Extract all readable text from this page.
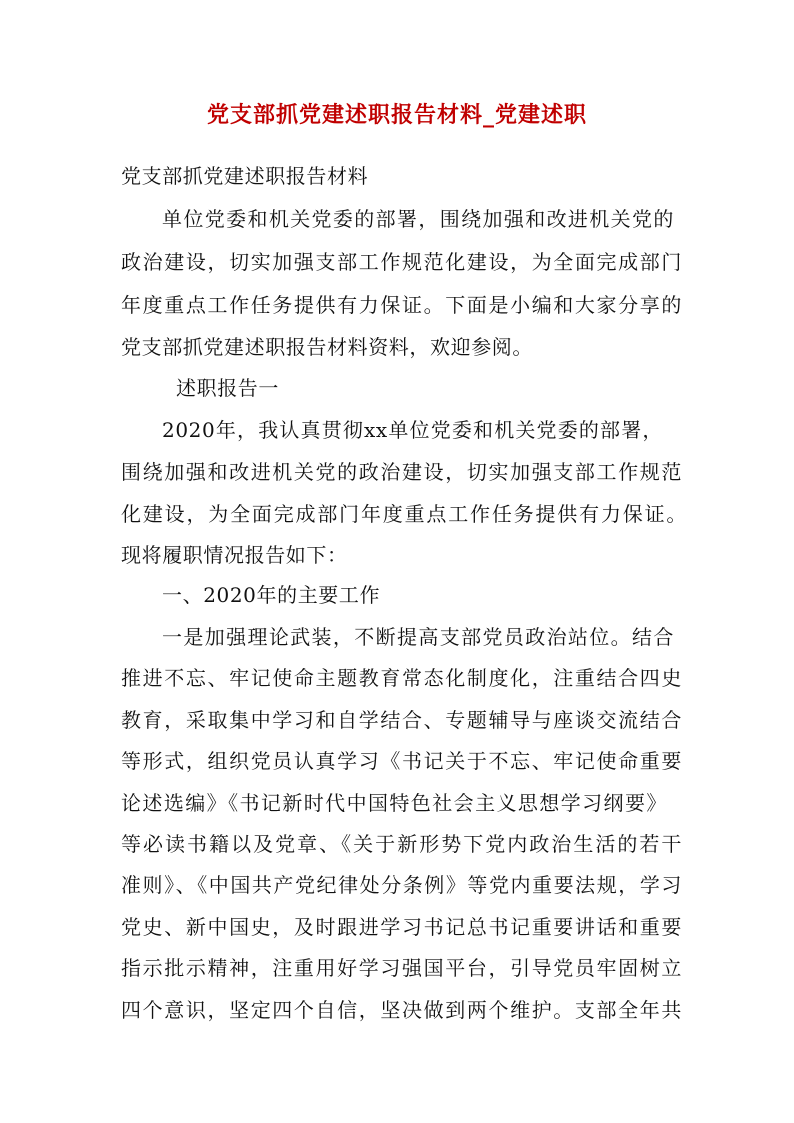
党支部抓党建述职报告材料_党建述职
党支部抓党建述职报告材料
单位党委和机关党委的部署，围绕加强和改进机关党的
政治建设，切实加强支部工作规范化建设，为全面完成部门
年度重点工作任务提供有力保证。下面是小编和大家分享的
党支部抓党建述职报告材料资料，欢迎参阅。
述职报告一
2020年，我认真贯彻xx单位党委和机关党委的部署，
围绕加强和改进机关党的政治建设，切实加强支部工作规范
化建设，为全面完成部门年度重点工作任务提供有力保证。
现将履职情况报告如下：
一、2020年的主要工作
一是加强理论武装，不断提高支部党员政治站位。结合
推进不忘、牢记使命主题教育常态化制度化，注重结合四史
教育，采取集中学习和自学结合、专题辅导与座谈交流结合
等形式，组织党员认真学习《书记关于不忘、牢记使命重要
论述选编》《书记新时代中国特色社会主义思想学习纲要》
等必读书籍以及党章、《关于新形势下党内政治生活的若干
准则》、《中国共产党纪律处分条例》等党内重要法规，学习
党史、新中国史，及时跟进学习书记总书记重要讲话和重要
指示批示精神，注重用好学习强国平台，引导党员牢固树立
四个意识，坚定四个自信，坚决做到两个维护。支部全年共
